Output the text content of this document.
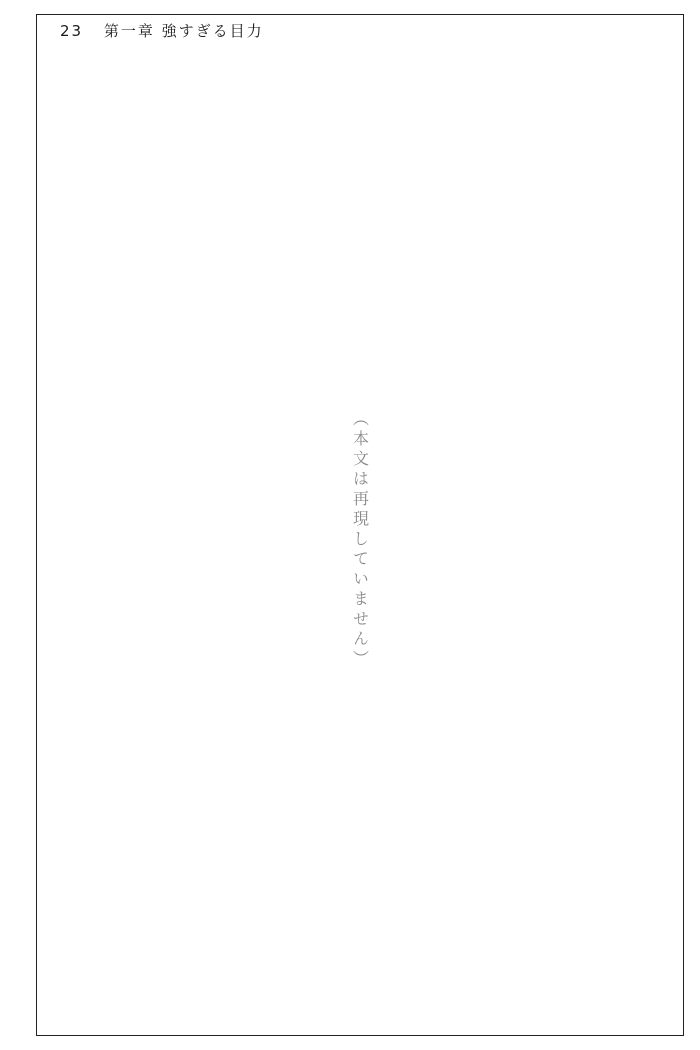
23 第一章 強すぎる目力
（本文は再現していません）
